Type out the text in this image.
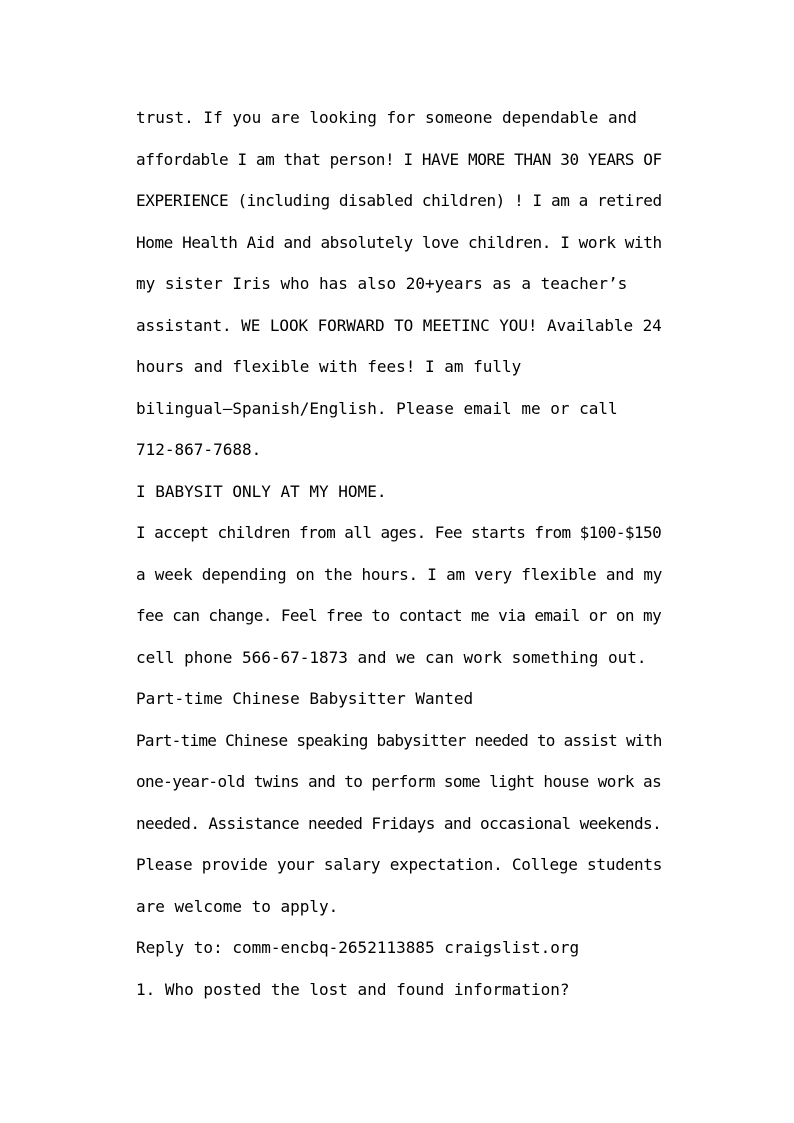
trust. If you are looking for someone dependable and
affordable I am that person! I HAVE MORE THAN 30 YEARS OF
EXPERIENCE (including disabled children) ! I am a retired
Home Health Aid and absolutely love children. I work with
my sister Iris who has also 20+years as a teacher’s
assistant. WE LOOK FORWARD TO MEETINC YOU! Available 24
hours and flexible with fees! I am fully
bilingual—Spanish/English. Please email me or call
712-867-7688.
I BABYSIT ONLY AT MY HOME.
I accept children from all ages. Fee starts from $100-$150
a week depending on the hours. I am very flexible and my
fee can change. Feel free to contact me via email or on my
cell phone 566-67-1873 and we can work something out.
Part-time Chinese Babysitter Wanted
Part-time Chinese speaking babysitter needed to assist with
one-year-old twins and to perform some light house work as
needed. Assistance needed Fridays and occasional weekends.
Please provide your salary expectation. College students
are welcome to apply.
Reply to: comm-encbq-2652113885 craigslist.org
1. Who posted the lost and found information?
